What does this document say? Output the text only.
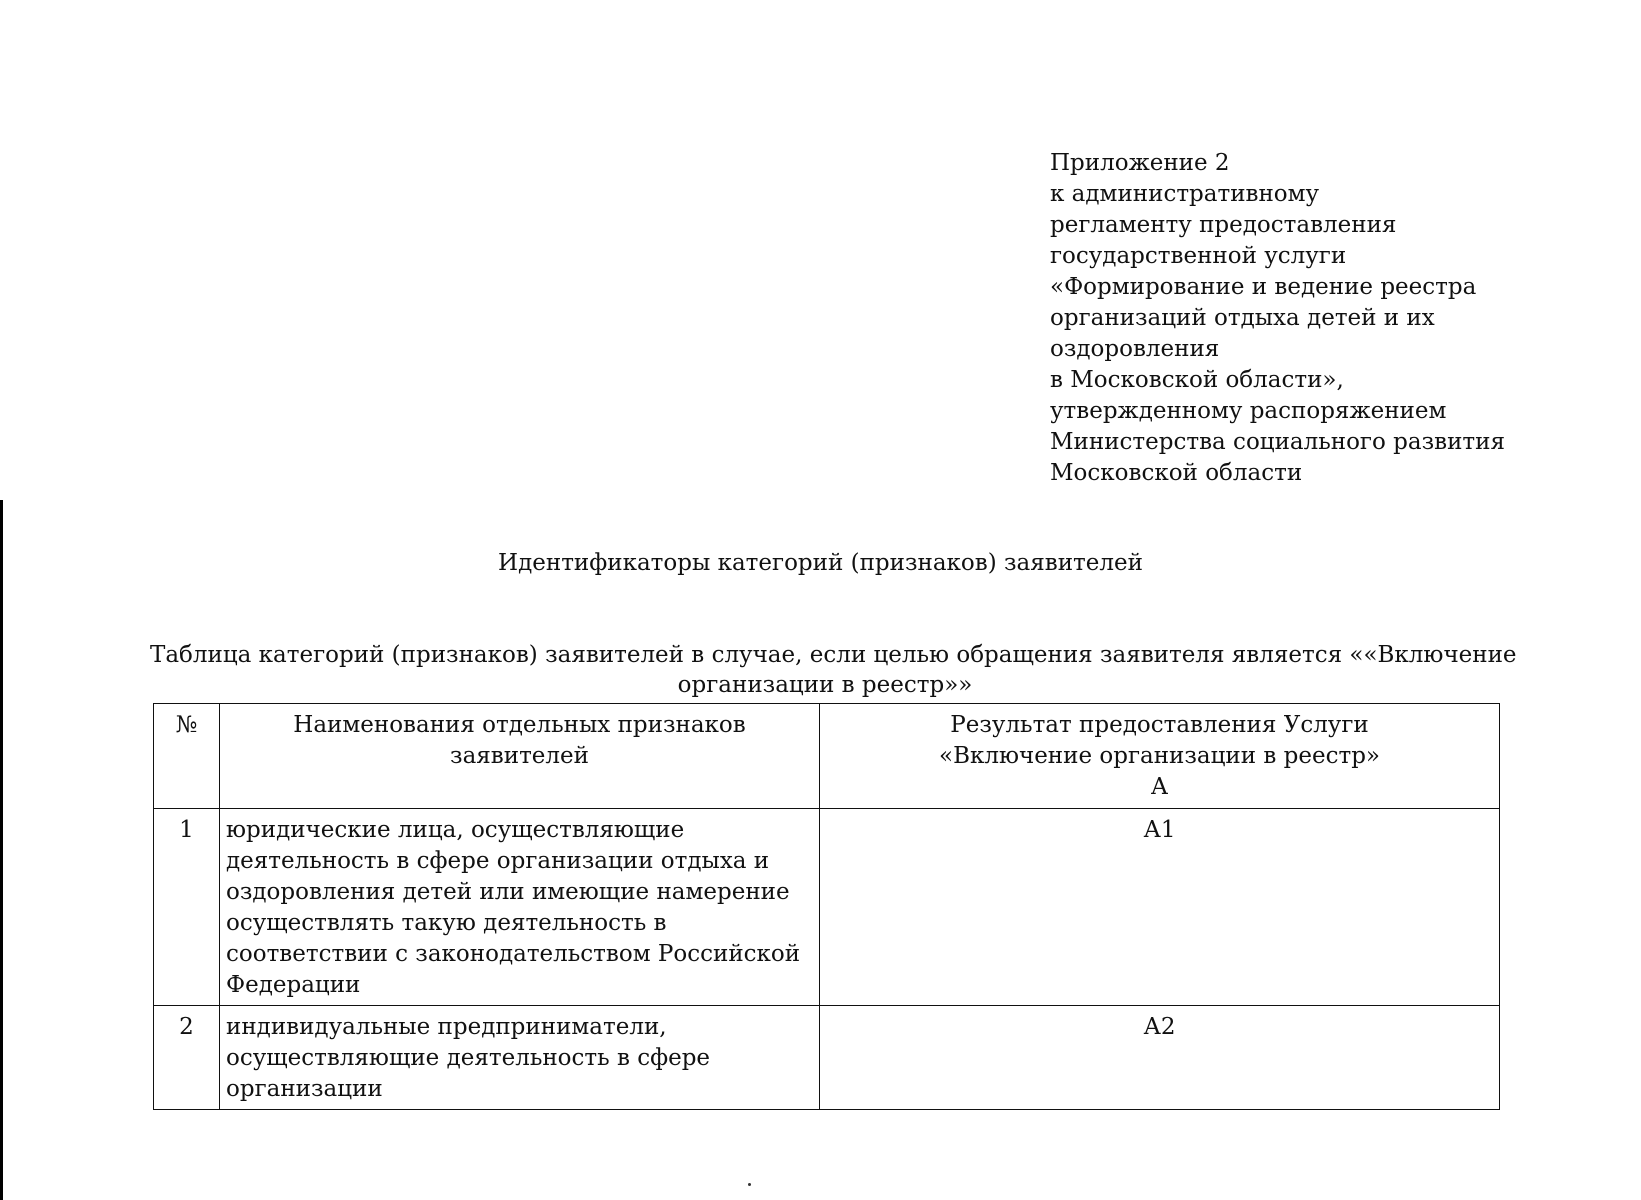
Приложение 2
к административному
регламенту предоставления
государственной услуги
«Формирование и ведение реестра
организаций отдыха детей и их
оздоровления
в Московской области»,
утвержденному распоряжением
Министерства социального развития
Московской области
Идентификаторы категорий (признаков) заявителей
Таблица категорий (признаков) заявителей в случае, если целью обращения заявителя является ««Включение
организации в реестр»»
№	Наименования отдельных признаков заявителей	Результат предоставления Услуги
«Включение организации в реестр»
А

1	юридические лица, осуществляющие деятельность в сфере организации отдыха и оздоровления детей или имеющие намерение осуществлять такую деятельность в соответствии с законодательством Российской Федерации	А1
2	индивидуальные предприниматели, осуществляющие деятельность в сфере организации	А2
